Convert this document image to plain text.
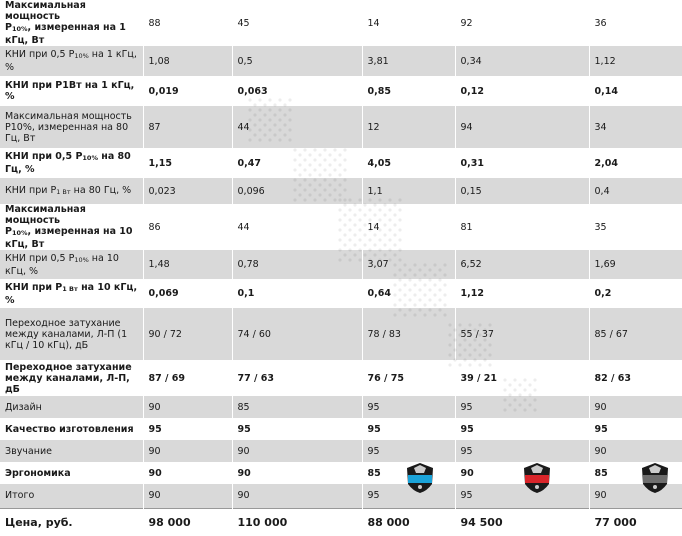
Максимальная мощность
$P_{10\%}$, измеренная на 1 кГц, Вт	88	45	14	92	36
КНИ при 0,5 $P_{10\%}$ на 1 кГц, %	1,08	0,5	3,81	0,34	1,12
КНИ при P1Вт на 1 кГц, %	0,019	0,063	0,85	0,12	0,14
Максимальная мощность P10%, измеренная на 80 Гц, Вт	87	44	12	94	34
КНИ при 0,5 $P_{10\%}$ на 80 Гц, %	1,15	0,47	4,05	0,31	2,04
КНИ при $P_{1 Вт}$ на 80 Гц, %	0,023	0,096	1,1	0,15	0,4
Максимальная мощность
$P_{10\%}$, измеренная на 10 кГц, Вт	86	44	14	81	35
КНИ при 0,5 $P_{10\%}$ на 10 кГц, %	1,48	0,78	3,07	6,52	1,69
КНИ при $P_{1 Вт}$ на 10 кГц, %	0,069	0,1	0,64	1,12	0,2
Переходное затухание между каналами, Л-П (1 кГц / 10 кГц), дБ	90 / 72	74 / 60	78 / 83	55 / 37	85 / 67
Переходное затухание между каналами, Л-П, дБ	87 / 69	77 / 63	76 / 75	39 / 21	82 / 63
Дизайн	90	85	95	95	90
Качество изготовления	95	95	95	95	95
Звучание	90	90	95	95	90
Эргономика	90	90	85	90	85
Итого	90	90	95	95	90
Цена, руб.	98 000	110 000	88 000	94 500	77 000
